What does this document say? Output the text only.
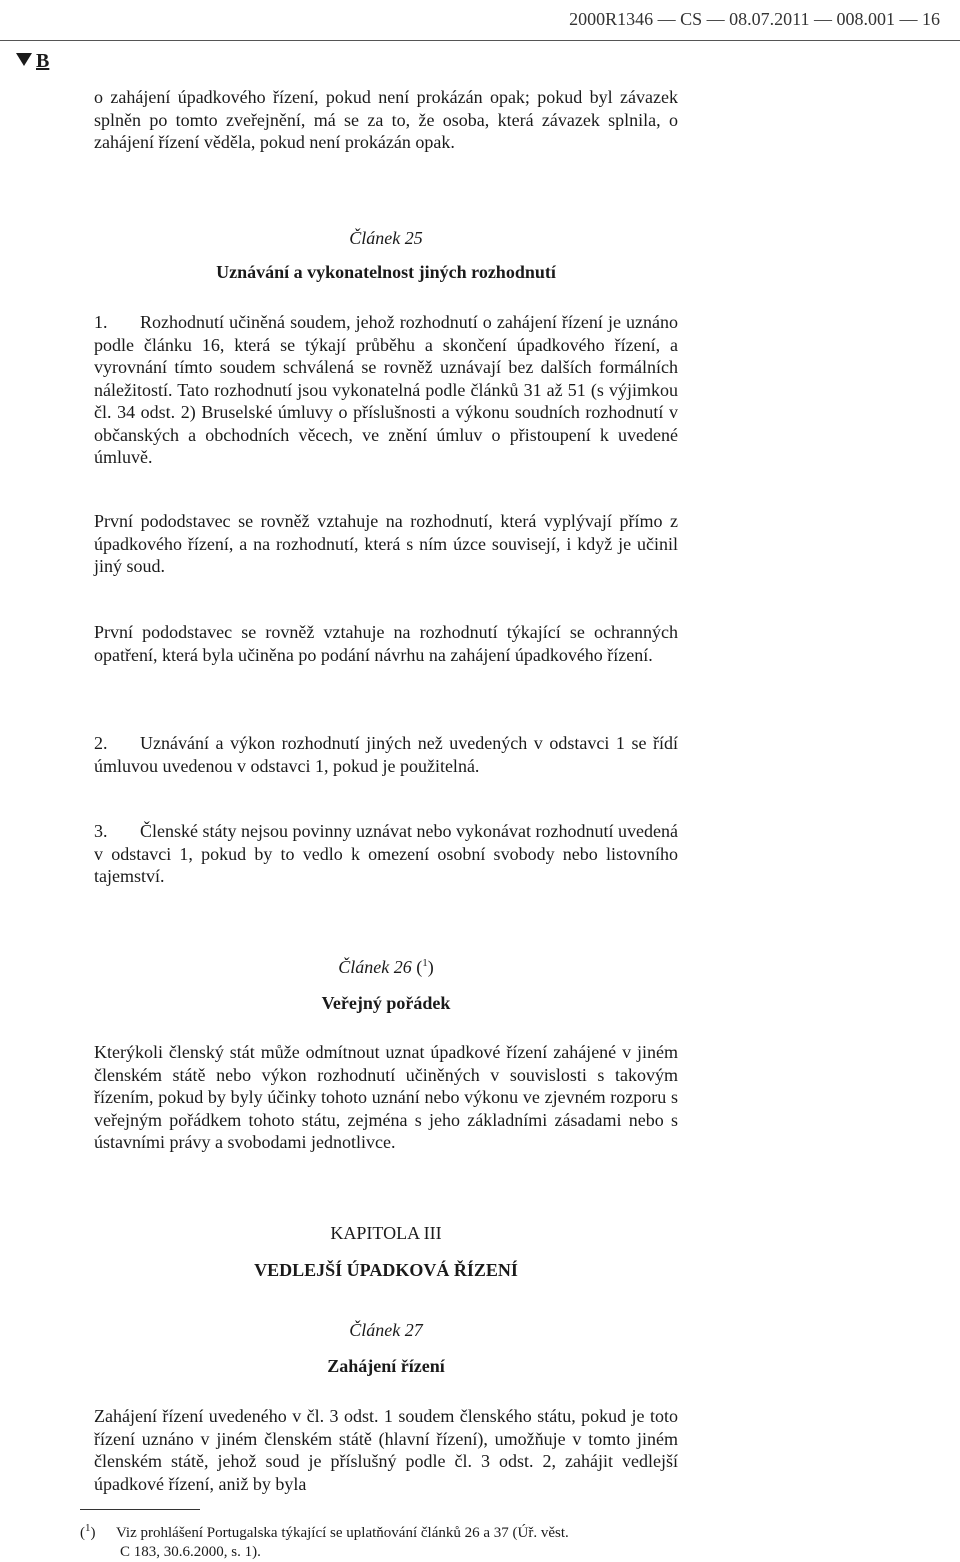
2000R1346 — CS — 08.07.2011 — 008.001 — 16
B
o zahájení úpadkového řízení, pokud není prokázán opak; pokud byl závazek splněn po tomto zveřejnění, má se za to, že osoba, která závazek splnila, o zahájení řízení věděla, pokud není prokázán opak.
Článek 25
Uznávání a vykonatelnost jiných rozhodnutí
1. Rozhodnutí učiněná soudem, jehož rozhodnutí o zahájení řízení je uznáno podle článku 16, která se týkají průběhu a skončení úpadkového řízení, a vyrovnání tímto soudem schválená se rovněž uznávají bez dalších formálních náležitostí. Tato rozhodnutí jsou vykonatelná podle článků 31 až 51 (s výjimkou čl. 34 odst. 2) Bruselské úmluvy o příslušnosti a výkonu soudních rozhodnutí v občanských a obchodních věcech, ve znění úmluv o přistoupení k uvedené úmluvě.
První pododstavec se rovněž vztahuje na rozhodnutí, která vyplývají přímo z úpadkového řízení, a na rozhodnutí, která s ním úzce souvisejí, i když je učinil jiný soud.
První pododstavec se rovněž vztahuje na rozhodnutí týkající se ochranných opatření, která byla učiněna po podání návrhu na zahájení úpadkového řízení.
2. Uznávání a výkon rozhodnutí jiných než uvedených v odstavci 1 se řídí úmluvou uvedenou v odstavci 1, pokud je použitelná.
3. Členské státy nejsou povinny uznávat nebo vykonávat rozhodnutí uvedená v odstavci 1, pokud by to vedlo k omezení osobní svobody nebo listovního tajemství.
Článek 26 ($^1$)
Veřejný pořádek
Kterýkoli členský stát může odmítnout uznat úpadkové řízení zahájené v jiném členském státě nebo výkon rozhodnutí učiněných v souvislosti s takovým řízením, pokud by byly účinky tohoto uznání nebo výkonu ve zjevném rozporu s veřejným pořádkem tohoto státu, zejména s jeho základními zásadami nebo s ústavními právy a svobodami jednotlivce.
KAPITOLA III
VEDLEJŠÍ ÚPADKOVÁ ŘÍZENÍ
Článek 27
Zahájení řízení
Zahájení řízení uvedeného v čl. 3 odst. 1 soudem členského státu, pokud je toto řízení uznáno v jiném členském státě (hlavní řízení), umožňuje v tomto jiném členském státě, jehož soud je příslušný podle čl. 3 odst. 2, zahájit vedlejší úpadkové řízení, aniž by byla
($^1$) Viz prohlášení Portugalska týkající se uplatňování článků 26 a 37 (Úř. věst.
C 183, 30.6.2000, s. 1).
